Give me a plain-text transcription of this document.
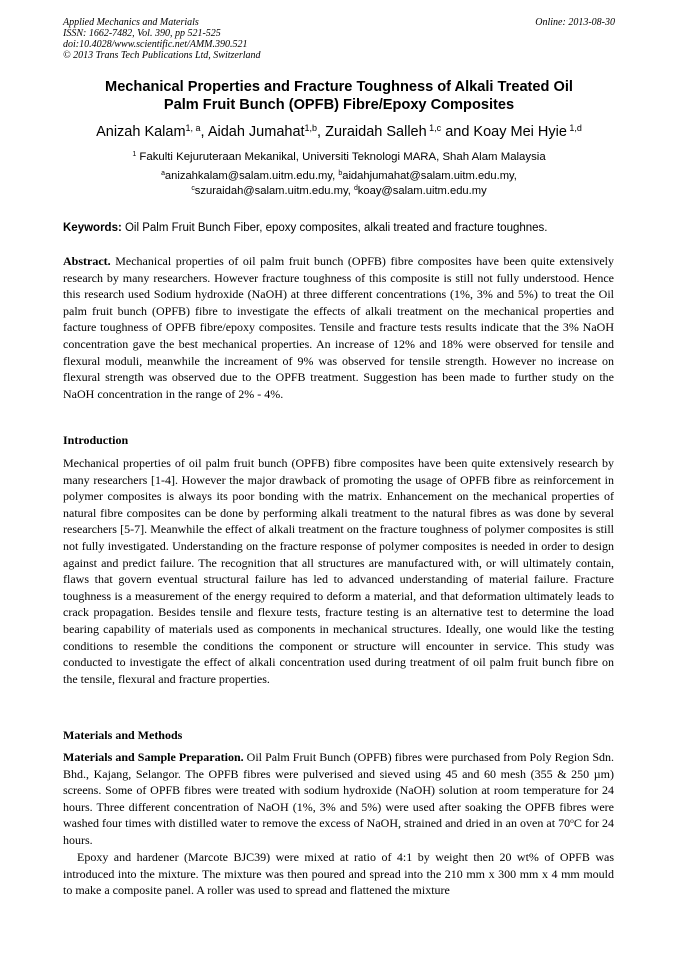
Applied Mechanics and Materials
ISSN: 1662-7482, Vol. 390, pp 521-525
doi:10.4028/www.scientific.net/AMM.390.521
© 2013 Trans Tech Publications Ltd, Switzerland
Online: 2013-08-30
Mechanical Properties and Fracture Toughness of Alkali Treated Oil
Palm Fruit Bunch (OPFB) Fibre/Epoxy Composites
Anizah Kalam$^{1, a}$, Aidah Jumahat$^{1,b}$, Zuraidah Salleh $^{1,c}$ and Koay Mei Hyie $^{1,d}$
$^1$ Fakulti Kejuruteraan Mekanikal, Universiti Teknologi MARA, Shah Alam Malaysia
$^a$anizahkalam@salam.uitm.edu.my, $^b$aidahjumahat@salam.uitm.edu.my,
$^c$szuraidah@salam.uitm.edu.my, $^d$koay@salam.uitm.edu.my
Keywords: Oil Palm Fruit Bunch Fiber, epoxy composites, alkali treated and fracture toughnes.

Abstract. Mechanical properties of oil palm fruit bunch (OPFB) fibre composites have been quite extensively research by many researchers. However fracture toughness of this composite is still not fully understood. Hence this research used Sodium hydroxide (NaOH) at three different concentrations (1%, 3% and 5%) to treat the Oil palm fruit bunch (OPFB) fibre to investigate the effects of alkali treatment on the mechanical properties and facture toughness of OPFB fibre/epoxy composites. Tensile and fracture tests results indicate that the 3% NaOH concentration gave the best mechanical properties. An increase of 12% and 18% were observed for tensile and flexural moduli, meanwhile the increament of 9% was observed for tensile strength. However no increase on flexural strength was observed due to the OPFB treatment. Suggestion has been made to further study on the NaOH concentration in the range of 2% - 4%.

Introduction

Mechanical properties of oil palm fruit bunch (OPFB) fibre composites have been quite extensively research by many researchers [1-4]. However the major drawback of promoting the usage of OPFB fibre as reinforcement in polymer composites is always its poor bonding with the matrix. Enhancement on the mechanical properties of natural fibre composites can be done by performing alkali treatment to the natural fibres as was done by several researchers [5-7]. Meanwhile the effect of alkali treatment on the fracture toughness of polymer composites is still not fully investigated. Understanding on the fracture response of polymer composites is needed in order to design against and predict failure. The recognition that all structures are manufactured with, or will ultimately contain, flaws that govern eventual structural failure has led to advanced understanding of material failure. Fracture toughness is a measurement of the energy required to deform a material, and that deformation ultimately leads to crack propagation. Besides tensile and flexure tests, fracture testing is an alternative test to determine the load bearing capability of materials used as components in mechanical structures. Ideally, one would like the testing conditions to resemble the conditions the component or structure will encounter in service. This study was conducted to investigate the effect of alkali concentration used during treatment of oil palm fruit bunch fibre on the tensile, flexural and fracture properties.

Materials and Methods

Materials and Sample Preparation. Oil Palm Fruit Bunch (OPFB) fibres were purchased from Poly Region Sdn. Bhd., Kajang, Selangor. The OPFB fibres were pulverised and sieved using 45 and 60 mesh (355 & 250 µm) screens. Some of OPFB fibres were treated with sodium hydroxide (NaOH) solution at room temperature for 24 hours. Three different concentration of NaOH (1%, 3% and 5%) were used after soaking the OPFB fibres were washed four times with distilled water to remove the excess of NaOH, strained and dried in an oven at 70$^o$C for 24 hours.

Epoxy and hardener (Marcote BJC39) were mixed at ratio of 4:1 by weight then 20 wt% of OPFB was introduced into the mixture. The mixture was then poured and spread into the 210 mm x 300 mm x 4 mm mould to make a composite panel. A roller was used to spread and flattened the mixture
